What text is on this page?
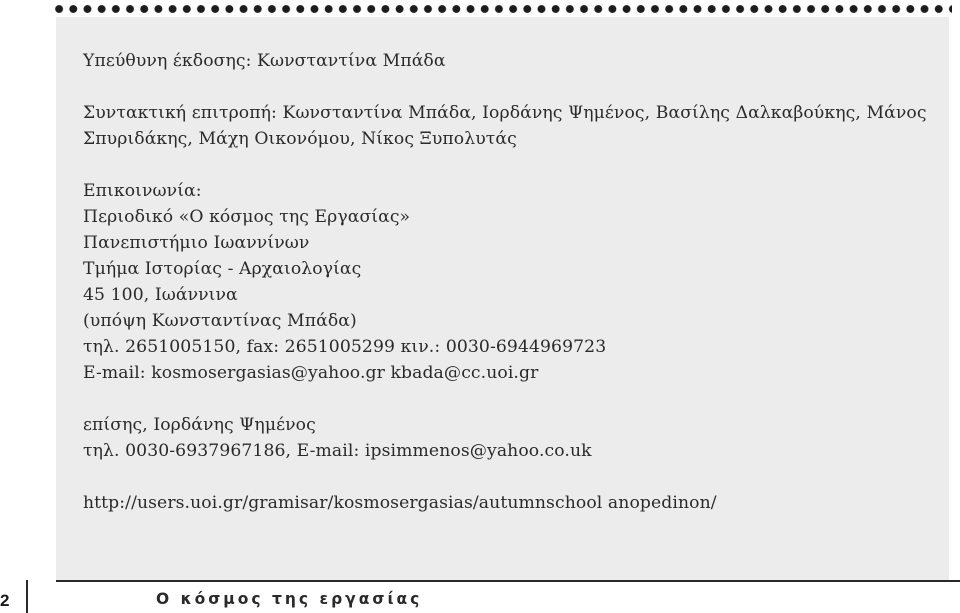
Υπεύθυνη έκδοσης: Κωνσταντίνα Μπάδα
Συντακτική επιτροπή: Κωνσταντίνα Μπάδα, Ιορδάνης Ψημένος, Βασίλης Δαλκαβούκης, Μάνος
Σπυριδάκης, Μάχη Οικονόμου, Νίκος Ξυπολυτάς
Επικοινωνία:
Περιοδικό «Ο κόσμος της Εργασίας»
Πανεπιστήμιο Ιωαννίνων
Τμήμα Ιστορίας - Αρχαιολογίας
45 100, Ιωάννινα
(υπόψη Κωνσταντίνας Μπάδα)
τηλ. 2651005150, fax: 2651005299 κιν.: 0030-6944969723
E-mail: kosmosergasias@yahoo.gr kbada@cc.uoi.gr
επίσης, Ιορδάνης Ψημένος
τηλ. 0030-6937967186, E-mail: ipsimmenos@yahoo.co.uk
http://users.uoi.gr/gramisar/kosmosergasias/autumnschool anopedinon/
2	Ο κόσμος της εργασίας
